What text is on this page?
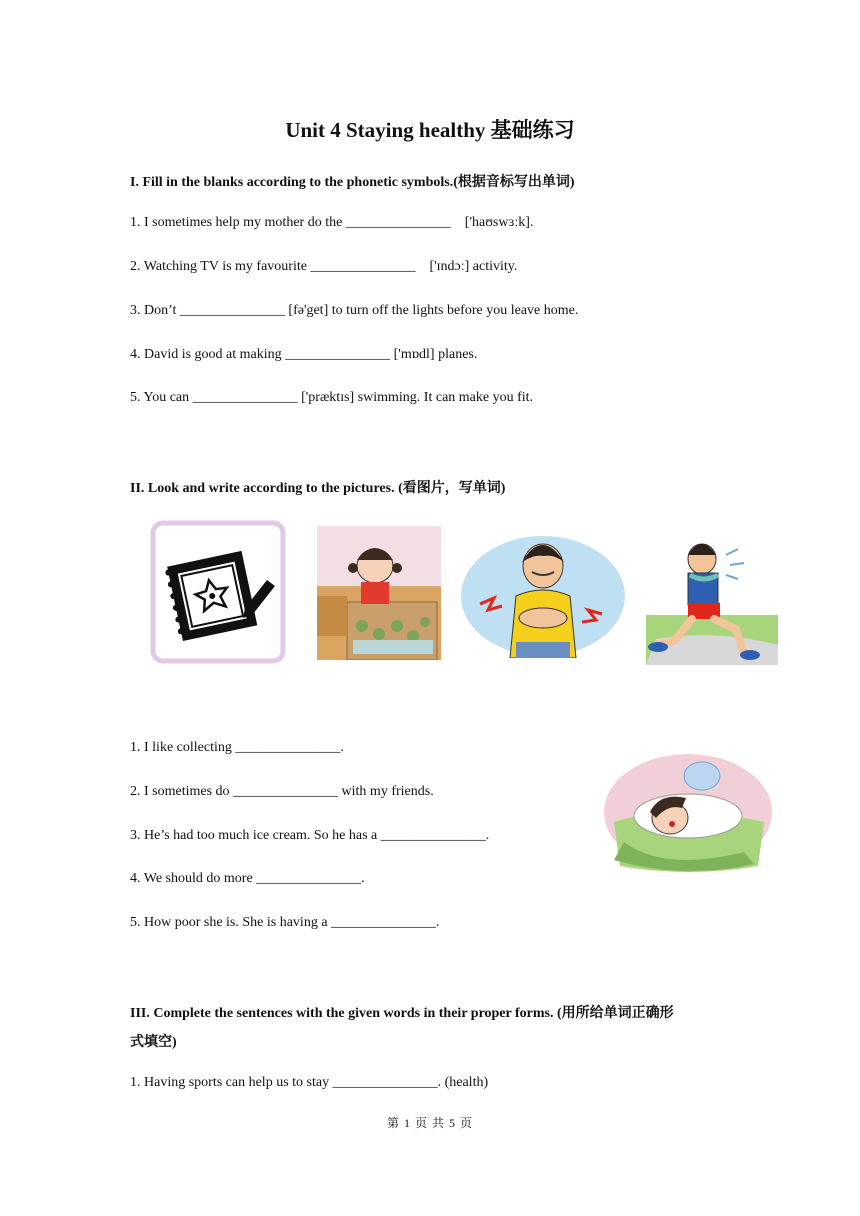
Unit 4 Staying healthy 基础练习
I. Fill in the blanks according to the phonetic symbols.(根据音标写出单词)
1. I sometimes help my mother do the _______________    ['haʊswɜːk].
2. Watching TV is my favourite _______________    ['ɪndɔː] activity.
3. Don’t _______________ [fə'get] to turn off the lights before you leave home.
4. David is good at making _______________ ['mɒdl] planes.
5. You can _______________ ['præktɪs] swimming. It can make you fit.
II. Look and write according to the pictures. (看图片，写单词)
1. I like collecting _______________.
2. I sometimes do _______________ with my friends.
3. He’s had too much ice cream. So he has a _______________.
4. We should do more _______________.
5. How poor she is. She is having a _______________.
III. Complete the sentences with the given words in their proper forms. (用所给单词正确形
式填空)
1. Having sports can help us to stay _______________. (health)
第 1 页 共 5 页
